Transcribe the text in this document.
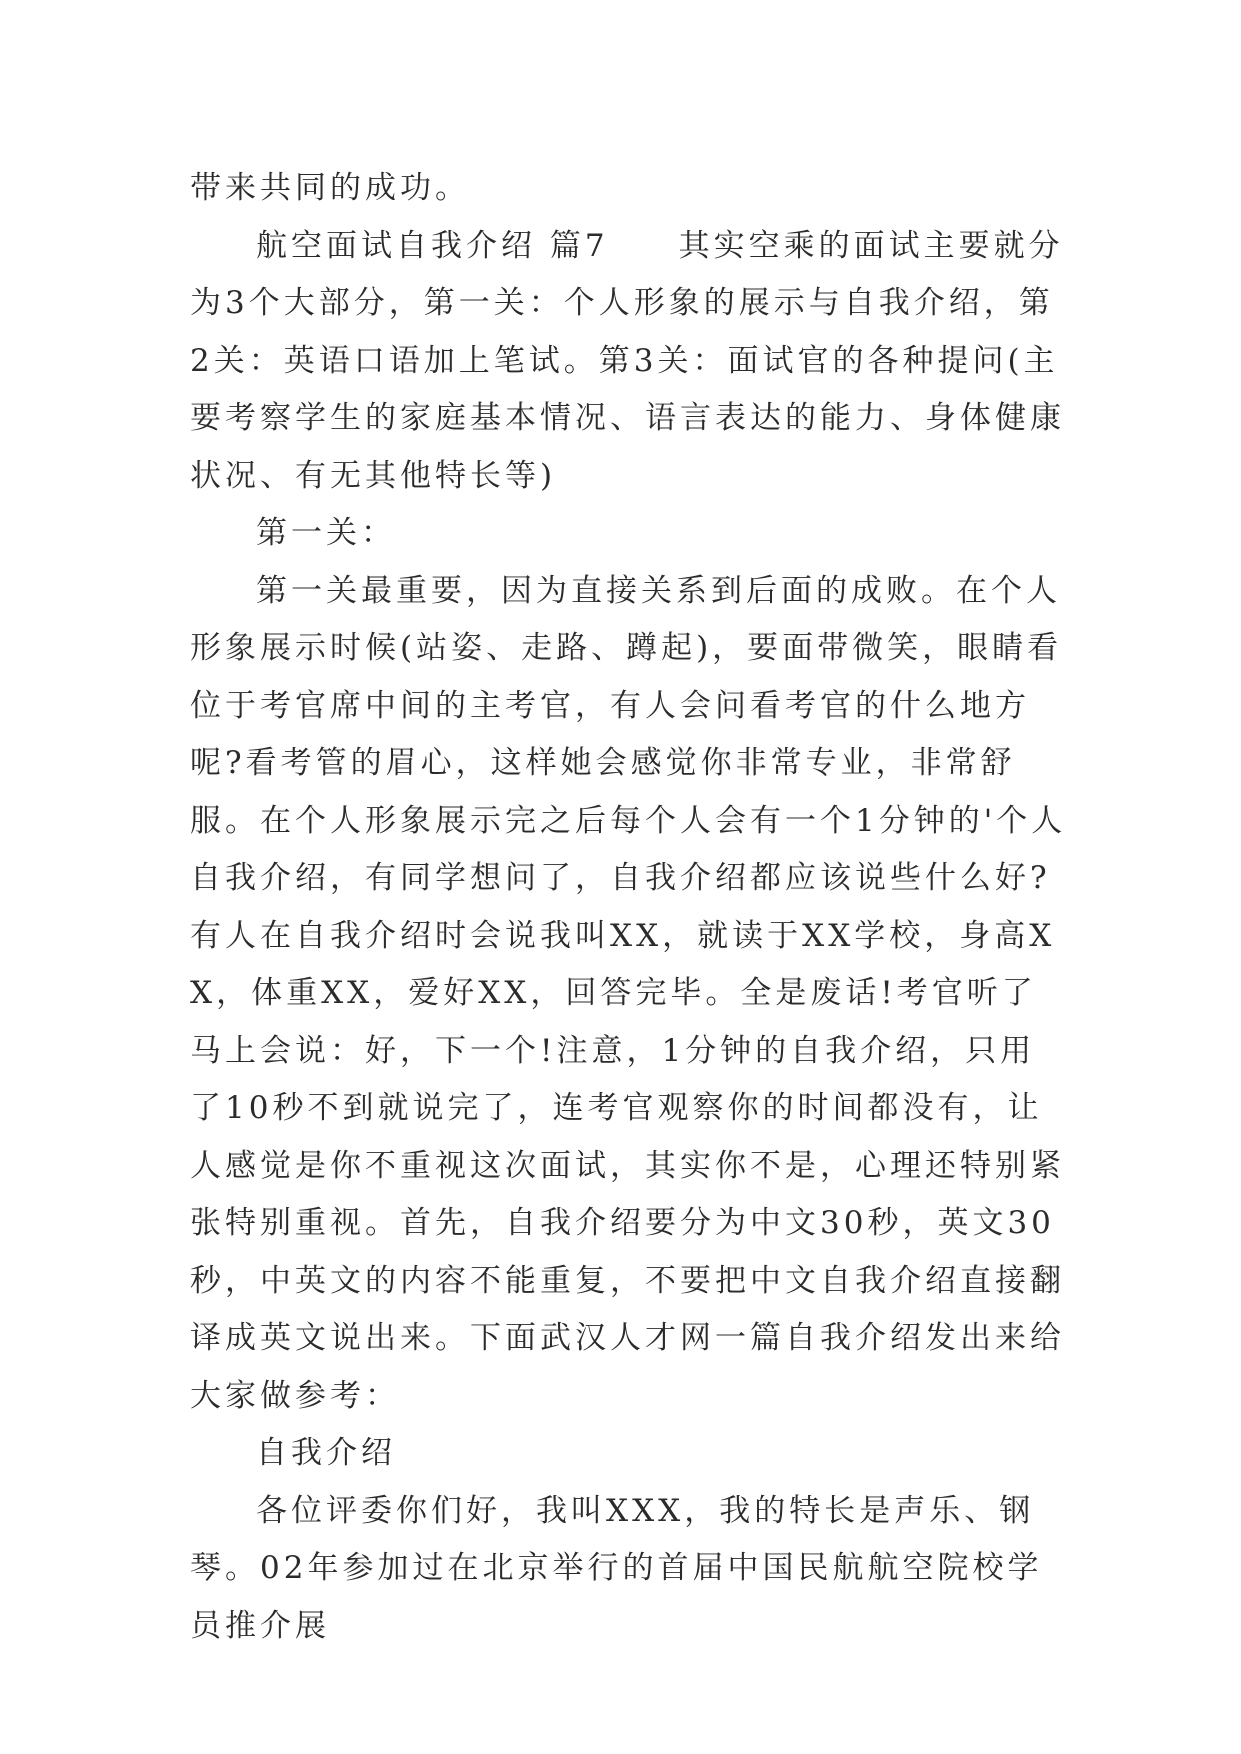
带来共同的成功。

航空面试自我介绍 篇7　　其实空乘的面试主要就分为3个大部分，第一关：个人形象的展示与自我介绍，第2关：英语口语加上笔试。第3关：面试官的各种提问(主要考察学生的家庭基本情况、语言表达的能力、身体健康状况、有无其他特长等)

第一关：

第一关最重要，因为直接关系到后面的成败。在个人形象展示时候(站姿、走路、蹲起)，要面带微笑，眼睛看位于考官席中间的主考官，有人会问看考官的什么地方呢?看考管的眉心，这样她会感觉你非常专业，非常舒服。在个人形象展示完之后每个人会有一个1分钟的'个人自我介绍，有同学想问了，自我介绍都应该说些什么好?有人在自我介绍时会说我叫XX，就读于XX学校，身高XX，体重XX，爱好XX，回答完毕。全是废话!考官听了马上会说：好，下一个!注意，1分钟的自我介绍，只用了10秒不到就说完了，连考官观察你的时间都没有，让人感觉是你不重视这次面试，其实你不是，心理还特别紧张特别重视。首先，自我介绍要分为中文30秒，英文30秒，中英文的内容不能重复，不要把中文自我介绍直接翻译成英文说出来。下面武汉人才网一篇自我介绍发出来给大家做参考：

自我介绍

各位评委你们好，我叫XXX，我的特长是声乐、钢琴。02年参加过在北京举行的首届中国民航航空院校学员推介展
